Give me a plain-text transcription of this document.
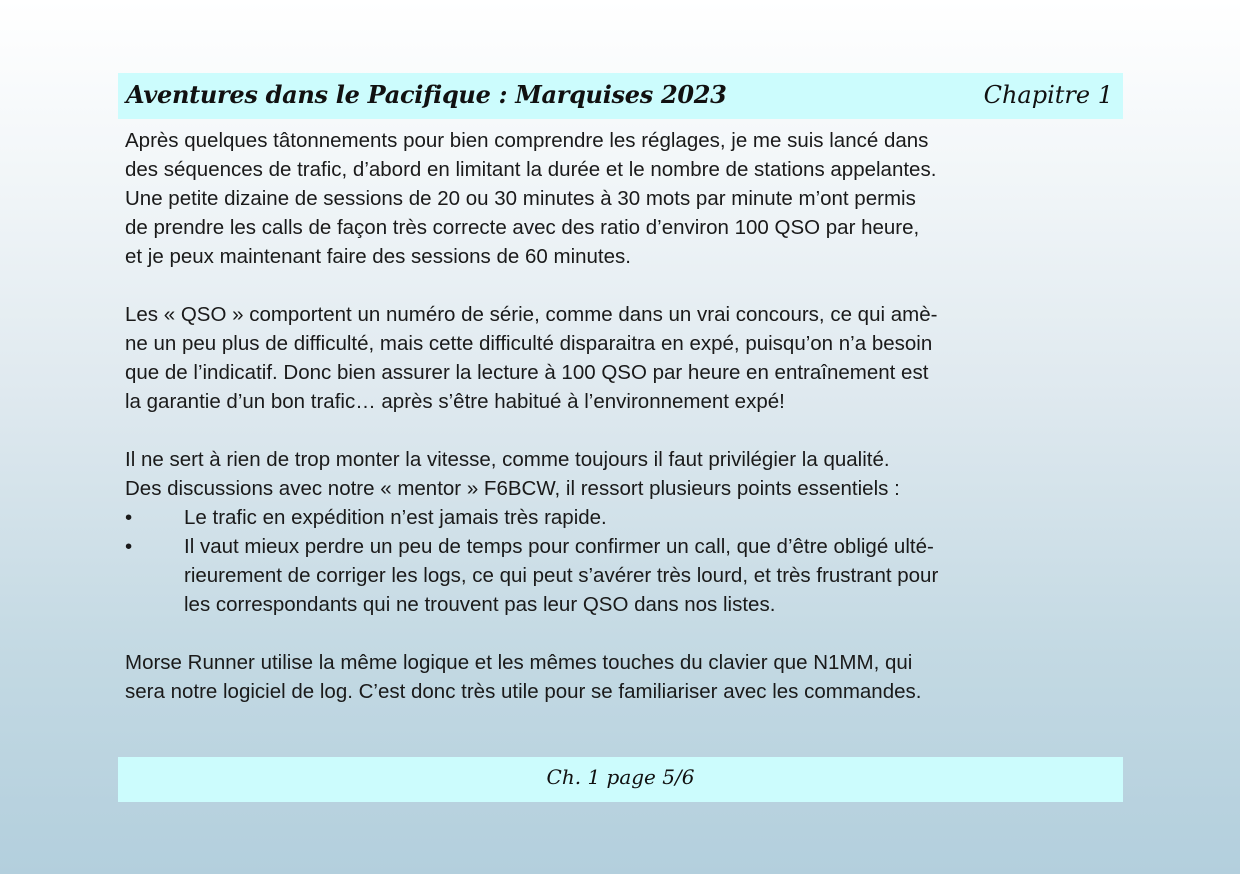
Aventures dans le Pacifique : Marquises 2023	Chapitre 1
Après quelques tâtonnements pour bien comprendre les réglages, je me suis lancé dans
des séquences de trafic, d’abord en limitant la durée et le nombre de stations appelantes.
Une petite dizaine de sessions de 20 ou 30 minutes à 30 mots par minute m’ont permis
de prendre les calls de façon très correcte avec des ratio d’environ 100 QSO par heure,
et je peux maintenant faire des sessions de 60 minutes.
Les « QSO » comportent un numéro de série, comme dans un vrai concours, ce qui amè-
ne un peu plus de difficulté, mais cette difficulté disparaitra en expé, puisqu’on n’a besoin
que de l’indicatif. Donc bien assurer la lecture à 100 QSO par heure en entraînement est
la garantie d’un bon trafic… après s’être habitué à l’environnement expé!
Il ne sert à rien de trop monter la vitesse, comme toujours il faut privilégier la qualité.
Des discussions avec notre « mentor » F6BCW, il ressort plusieurs points essentiels :
•	Le trafic en expédition n’est jamais très rapide.
•	Il vaut mieux perdre un peu de temps pour confirmer un call, que d’être obligé ulté-
rieurement de corriger les logs, ce qui peut s’avérer très lourd, et très frustrant pour
les correspondants qui ne trouvent pas leur QSO dans nos listes.
Morse Runner utilise la même logique et les mêmes touches du clavier que N1MM, qui
sera notre logiciel de log. C’est donc très utile pour se familiariser avec les commandes.
Ch. 1 page 5/6
